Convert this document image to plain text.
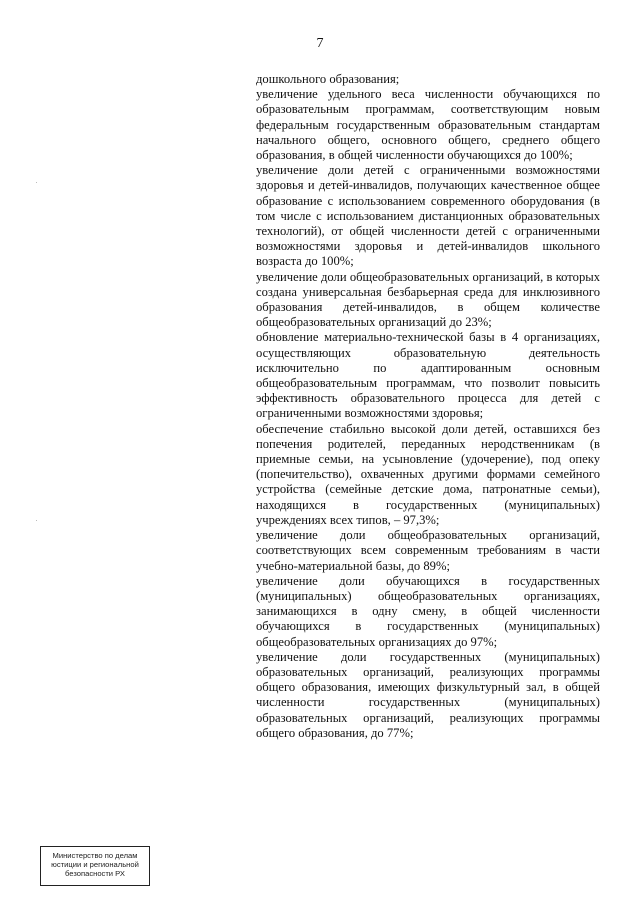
7

дошкольного образования;

увеличение удельного веса численности обучающихся по образовательным программам, соответствующим новым федеральным государственным образовательным стандартам начального общего, основного общего, среднего общего образования, в общей численности обучающихся до 100%;

увеличение доли детей с ограниченными возможностями здоровья и детей-инвалидов, получающих качественное общее образование с использованием современного оборудования (в том числе с использованием дистанционных образовательных технологий), от общей численности детей с ограниченными возможностями здоровья и детей-инвалидов школьного возраста до 100%;

увеличение доли общеобразовательных организаций, в которых создана универсальная безбарьерная среда для инклюзивного образования детей-инвалидов, в общем количестве общеобразовательных организаций до 23%;

обновление материально-технической базы в 4 организациях, осуществляющих образовательную деятельность исключительно по адаптированным основным общеобразовательным программам, что позволит повысить эффективность образовательного процесса для детей с ограниченными возможностями здоровья;

обеспечение стабильно высокой доли детей, оставшихся без попечения родителей, переданных неродственникам (в приемные семьи, на усыновление (удочерение), под опеку (попечительство), охваченных другими формами семейного устройства (семейные детские дома, патронатные семьи), находящихся в государственных (муниципальных) учреждениях всех типов, – 97,3%;

увеличение доли общеобразовательных организаций, соответствующих всем современным требованиям в части учебно-материальной базы, до 89%;

увеличение доли обучающихся в государственных (муниципальных) общеобразовательных организациях, занимающихся в одну смену, в общей численности обучающихся в государственных (муниципальных) общеобразовательных организациях до 97%;

увеличение доли государственных (муниципальных) образовательных организаций, реализующих программы общего образования, имеющих физкультурный зал, в общей численности государственных (муниципальных) образовательных организаций, реализующих программы общего образования, до 77%;

Министерство по делам
юстиции и региональной
безопасности РХ
